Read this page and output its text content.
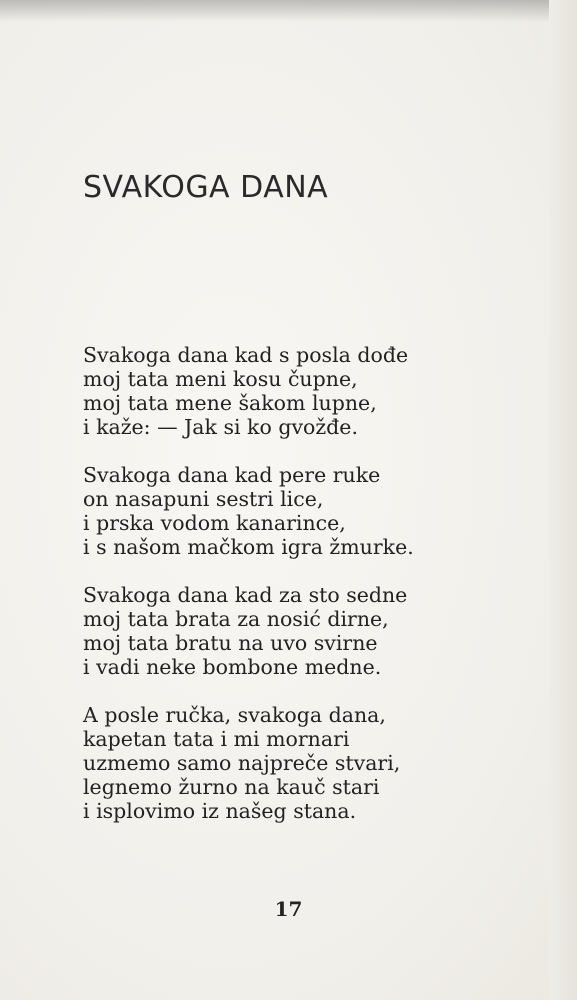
SVAKOGA DANA

Svakoga dana kad s posla dođe
moj tata meni kosu čupne,
moj tata mene šakom lupne,
i kaže: — Jak si ko gvožđe.

Svakoga dana kad pere ruke
on nasapuni sestri lice,
i prska vodom kanarince,
i s našom mačkom igra žmurke.

Svakoga dana kad za sto sedne
moj tata brata za nosić dirne,
moj tata bratu na uvo svirne
i vadi neke bombone medne.

A posle ručka, svakoga dana,
kapetan tata i mi mornari
uzmemo samo najpreče stvari,
legnemo žurno na kauč stari
i isplovimo iz našeg stana.

17
